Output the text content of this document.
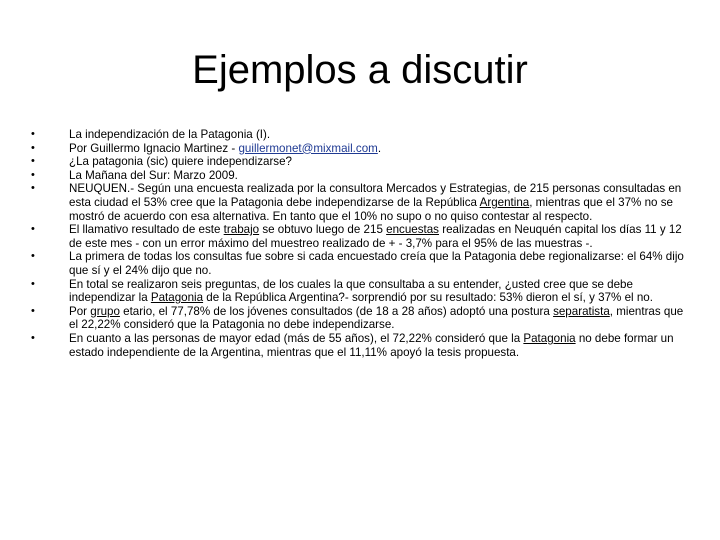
Ejemplos a discutir
•	La independización de la Patagonia (I).
•	Por Guillermo Ignacio Martinez - guillermonet@mixmail.com.
•	¿La patagonia (sic) quiere independizarse?
•	La Mañana del Sur: Marzo 2009.
•	NEUQUEN.- Según una encuesta realizada por la consultora Mercados y Estrategias, de 215 personas consultadas en esta ciudad el 53% cree que la Patagonia debe independizarse de la República Argentina, mientras que el 37% no se mostró de acuerdo con esa alternativa. En tanto que el 10% no supo o no quiso contestar al respecto.
•	El llamativo resultado de este trabajo se obtuvo luego de 215 encuestas realizadas en Neuquén capital los días 11 y 12 de este mes - con un error máximo del muestreo realizado de + - 3,7% para el 95% de las muestras -.
•	La primera de todas los consultas fue sobre si cada encuestado creía que la Patagonia debe regionalizarse: el 64% dijo que sí y el 24% dijo que no.
•	En total se realizaron seis preguntas, de los cuales la que consultaba a su entender, ¿usted cree que se debe independizar la Patagonia de la República Argentina?- sorprendió por su resultado: 53% dieron el sí, y 37% el no.
•	Por grupo etario, el 77,78% de los jóvenes consultados (de 18 a 28 años) adoptó una postura separatista, mientras que el 22,22% consideró que la Patagonia no debe independizarse.
•	En cuanto a las personas de mayor edad (más de 55 años), el 72,22% consideró que la Patagonia no debe formar un estado independiente de la Argentina, mientras que el 11,11% apoyó la tesis propuesta.
